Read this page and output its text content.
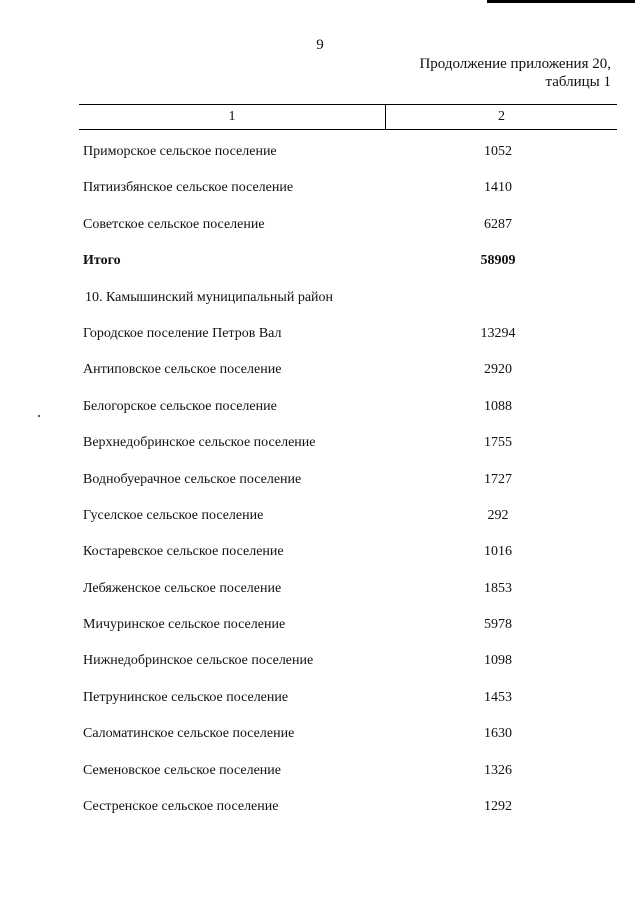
9
Продолжение приложения 20,
таблицы 1
1	2
Приморское сельское поселение	1052
Пятиизбянское сельское поселение	1410
Советское сельское поселение	6287
Итого	58909
10. Камышинский муниципальный район
Городское поселение Петров Вал	13294
Антиповское сельское поселение	2920
Белогорское сельское поселение	1088
Верхнедобринское сельское поселение	1755
Воднобуерачное сельское поселение	1727
Гуселское сельское поселение	292
Костаревское сельское поселение	1016
Лебяженское сельское поселение	1853
Мичуринское сельское поселение	5978
Нижнедобринское сельское поселение	1098
Петрунинское сельское поселение	1453
Саломатинское сельское поселение	1630
Семеновское сельское поселение	1326
Сестренское сельское поселение	1292
